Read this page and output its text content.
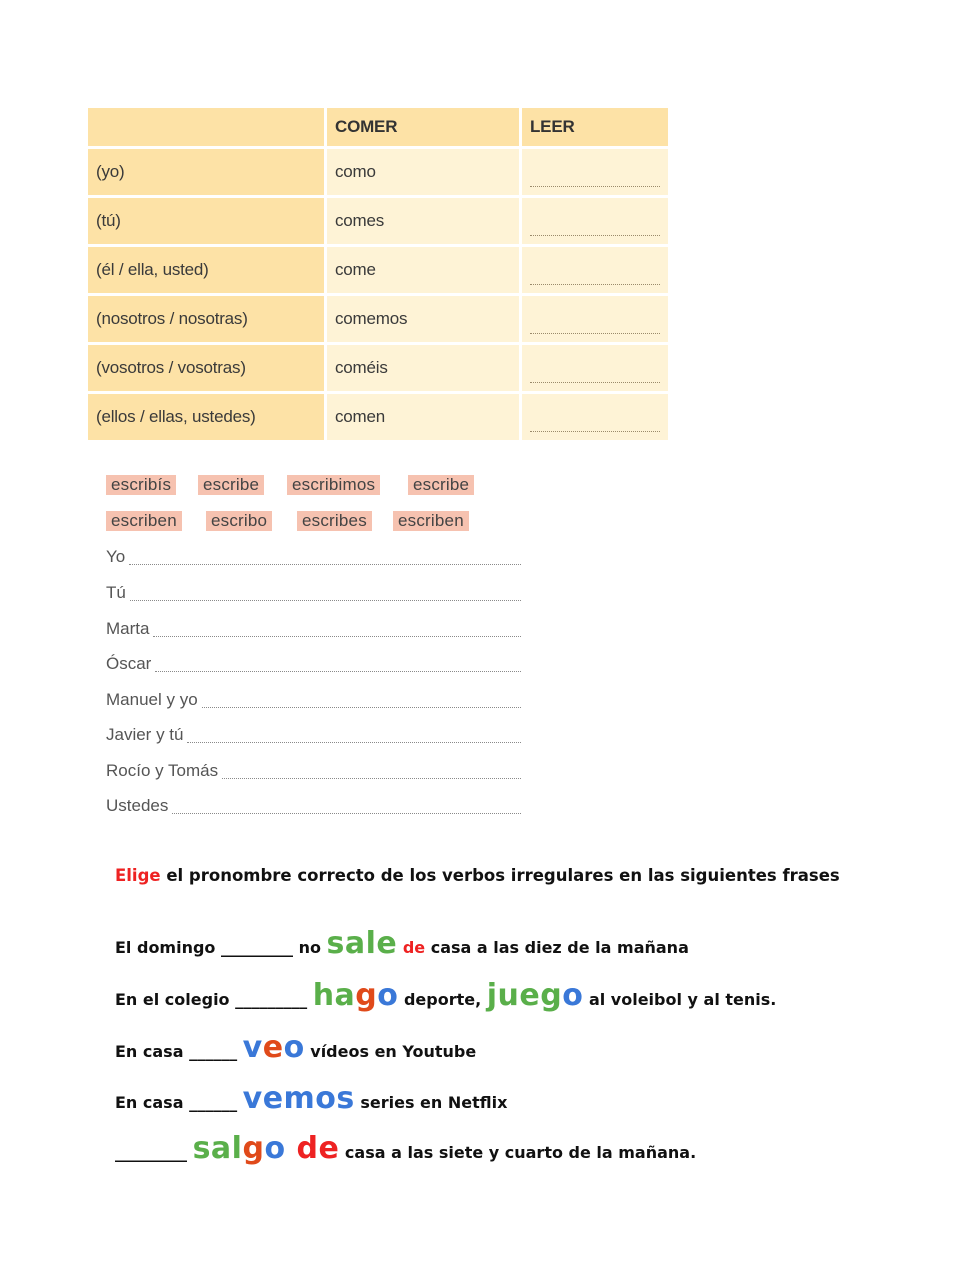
	COMER	LEER
(yo)	como	

(tú)	comes	

(él / ella, usted)	come	

(nosotros / nosotras)	comemos	

(vosotros / vosotras)	coméis	

(ellos / ellas, ustedes)	comen	
escribís escribe escribimos escribe
escriben escribo escribes escriben
Yo
Tú
Marta
Óscar
Manuel y yo
Javier y tú
Rocío y Tomás
Ustedes
Elige el pronombre correcto de los verbos irregulares en las siguientes frases
El domingo _________ no sale de casa a las diez de la mañana
En el colegio _________ hago deporte, juego al voleibol y al tenis.
En casa ______ veo vídeos en Youtube
En casa ______ vemos series en Netflix
_________ salgo de casa a las siete y cuarto de la mañana.
